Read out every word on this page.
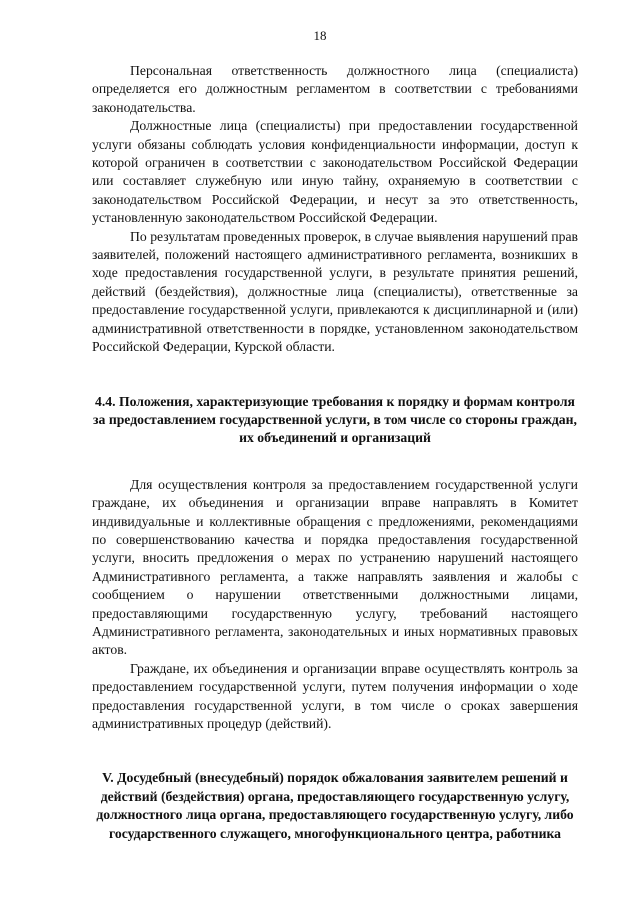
18

Персональная ответственность должностного лица (специалиста) определяется его должностным регламентом в соответствии с требованиями законодательства.

Должностные лица (специалисты) при предоставлении государственной услуги обязаны соблюдать условия конфиденциальности информации, доступ к которой ограничен в соответствии с законодательством Российской Федерации или составляет служебную или иную тайну, охраняемую в соответствии с законодательством Российской Федерации, и несут за это ответственность, установленную законодательством Российской Федерации.

По результатам проведенных проверок, в случае выявления нарушений прав заявителей, положений настоящего административного регламента, возникших в ходе предоставления государственной услуги, в результате принятия решений, действий (бездействия), должностные лица (специалисты), ответственные за предоставление государственной услуги, привлекаются к дисциплинарной и (или) административной ответственности в порядке, установленном законодательством Российской Федерации, Курской области.

4.4. Положения, характеризующие требования к порядку и формам контроля за предоставлением государственной услуги, в том числе со стороны граждан, их объединений и организаций

Для осуществления контроля за предоставлением государственной услуги граждане, их объединения и организации вправе направлять в Комитет индивидуальные и коллективные обращения с предложениями, рекомендациями по совершенствованию качества и порядка предоставления государственной услуги, вносить предложения о мерах по устранению нарушений настоящего Административного регламента, а также направлять заявления и жалобы с сообщением о нарушении ответственными должностными лицами, предоставляющими государственную услугу, требований настоящего Административного регламента, законодательных и иных нормативных правовых актов.

Граждане, их объединения и организации вправе осуществлять контроль за предоставлением государственной услуги, путем получения информации о ходе предоставления государственной услуги, в том числе о сроках завершения административных процедур (действий).

V. Досудебный (внесудебный) порядок обжалования заявителем решений и действий (бездействия) органа, предоставляющего государственную услугу, должностного лица органа, предоставляющего государственную услугу, либо государственного служащего, многофункционального центра, работника
